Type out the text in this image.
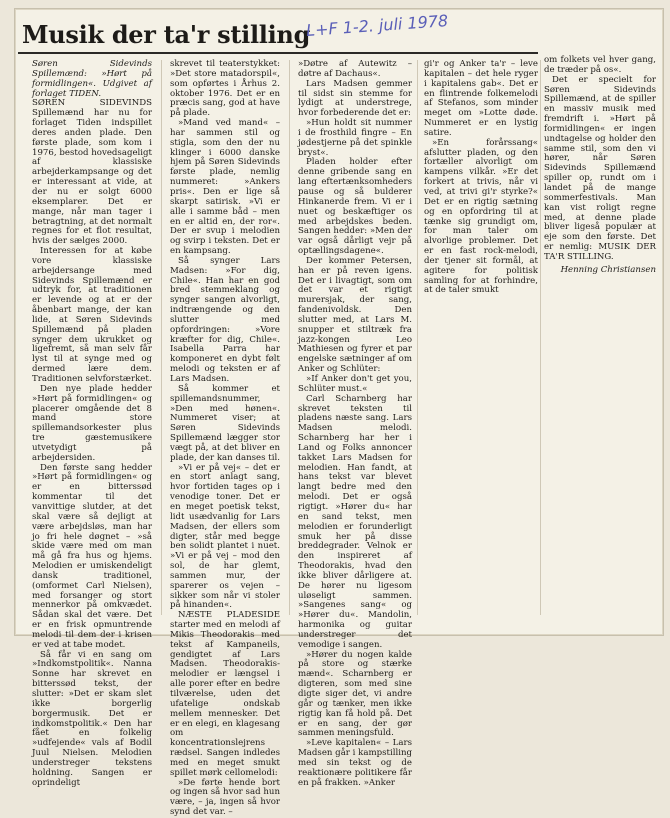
Musik der ta'r stilling
L+F 1-2. juli 1978

Søren Sidevinds Spillemænd: »Hørt på formidlingen«. Udgivet af forlaget TIDEN.

SØREN SIDEVINDS Spillemænd har nu for forlaget Tiden indspillet deres anden plade. Den første plade, som kom i 1976, bestod hovedsageligt af klassiske arbejderkampsange og det er interessant at vide, at der nu er solgt 6000 eksemplarer. Det er mange, når man tager i betragtning, at det normalt regnes for et flot resultat, hvis der sælges 2000.

Interessen for at købe vore klassiske arbejdersange med Sidevinds Spillemænd er udtryk for, at traditionen er levende og at er der åbenbart mange, der kan lide, at Søren Sidevinds Spillemænd på pladen synger dem ukrukket og ligefremt, så man selv får lyst til at synge med og dermed lære dem. Traditionen selvforstærket.

Den nye plade hedder »Hørt på formidlingen« og placerer omgående det 8 mand store spillemandsorkester plus tre gæstemusikere utvetydigt på arbejdersiden.

Den første sang hedder »Hørt på formidlingen« og er en bitterssød kommentar til det vanvittige slutder, at det skal være så dejligt at være arbejdsløs, man har jo fri hele døgnet – »så skide være med om man må gå fra hus og hjems. Melodien er umiskendeligt dansk traditionel, (omformet Carl Nielsen), med forsanger og stort mennerkor på omkvædet. Sådan skal det være. Det er en frisk opmuntrende melodi til dem der i krisen er ved at tabe modet.

Så får vi en sang om »Indkomstpolitik«. Nanna Sonne har skrevet en bitterssød tekst, der slutter: »Det er skam slet ikke borgerlig borgermusik. Det er indkomstpolitik.« Den har fået en folkelig »udfejende« vals af Bodil Juul Nielsen. Melodien understreger tekstens holdning. Sangen er oprindeligt

skrevet til teaterstykket: »Det store matadorspil«, som opførtes i Århus 2. oktober 1976. Det er en præcis sang, god at have på plade.

»Mand ved mand« – har sammen stil og stigla, som den der nu klinger i 6000 danske hjem på Søren Sidevinds første plade, nemlig nummeret: »Ankers pris«. Den er lige så skarpt satirisk. »Vi er alle i samme båd – men en er altid en, der ror«. Der er svup i melodien og svirp i teksten. Det er en kampsang.

Så synger Lars Madsen: »For dig, Chile«. Han har en god bred stemmeklang og synger sangen alvorligt, indtrængende og den slutter med opfordringen: »Vore kræfter for dig, Chile«. Isabella Parra har komponeret en dybt følt melodi og teksten er af Lars Madsen.

Så kommer et spillemandsnummer, »Den med hønen«. Nummeret viser; at Søren Sidevinds Spillemænd lægger stor vægt på, at det bliver en plade, der kan danses til.

»Vi er på vej« – det er en stort anlagt sang, hvor fortiden tages op i venodige toner. Det er en meget poetisk tekst, lidt usædvanlig for Lars Madsen, der ellers som digter, står med begge ben solidt plantet i nuet. »Vi er på vej – mod den sol, de har glemt, sammen mur, der sparerer os vejen – sikker som når vi stoler på hinanden«.

NÆSTE PLADESIDE starter med en melodi af Mikis Theodorakis med tekst af Kampaneils, gendigtet af Lars Madsen. Theodorakis-melodier er længsel i alle porer efter en bedre tilværelse, uden det ufatelige ondskab mellem mennesker. Det er en elegi, en klagesang om koncentrationslejrens rædsel. Sangen indledes med en meget smukt spillet mørk cellomelodi:

»De førte hende bort og ingen så hvor sad hun være, – ja, ingen så hvor synd det var. –

»Døtre af Autewitz – døtre af Dachaus«.

Lars Madsen gemmer til sidst sin stemme for lydigt at understrege, hvor forbederende det er:

»Hun holdt sit nummer i de frosthild fingre – En jødestjerne på det spinkle bryst«.

Pladen holder efter denne gribende sang en lang eftertænksomheders pause og så bulderer Hinkanerde frem. Vi er i nuet og beskæftiger os med arbejdskes beden. Sangen hedder: »Men der var også dårligt vejr på optællingsdagene«.

Der kommer Petersen, han er på reven igens. Det er i livagtigt, som om det var et rigtigt murersjak, der sang, fandenivoldsk. Den slutter med, at Lars M. snupper et stiltræk fra jazz-kongen Leo Mathiesen og fyrer et par engelske sætninger af om Anker og Schlüter:

»If Anker don't get you, Schlüter must.«

Carl Scharnberg har skrevet teksten til pladens næste sang. Lars Madsen melodi. Scharnberg har her i Land og Folks annoncer takket Lars Madsen for melodien. Han fandt, at hans tekst var blevet langt bedre med den melodi. Det er også rigtigt. »Hører du« har en sand tekst, men melodien er forunderligt smuk her på disse breddegrader. Velnok er den inspireret af Theodorakis, hvad den ikke bliver dårligere at. De hører nu ligesom uløseligt sammen. »Sangenes sang« og »Hører du«. Mandolin, harmonika og guitar understreger det vemodige i sangen.

»Hører du nogen kalde på store og stærke mænd«. Scharnberg er digteren, som med sine digte siger det, vi andre går og tænker, men ikke rigtig kan få hold på. Det er en sang, der gør sammen meningsfuld.

»Leve kapitalen« – Lars Madsen går i kampstilling med sin tekst og de reaktionære politikere får en på frakken. »Anker

gi'r og Anker ta'r – leve kapitalen – det hele ryger i kapitalens gab«. Det er en flintrende folkemelodi af Stefanos, som minder meget om »Lotte døde. Nummeret er en lystig satire.

»En forårssang« afslutter pladen, og den fortæller alvorligt om kampens vilkår. »Er det forkert at trivis, når vi ved, at trivi gi'r styrke?« Det er en rigtig sætning og en opfordring til at tænke sig grundigt om, for man taler om alvorlige problemer. Det er en fast rock-melodi, der tjener sit formål, at agitere for politisk samling for at forhindre, at de taler smukt

om folkets vel hver gang, de træder på os«.

Det er specielt for Søren Sidevinds Spillemænd, at de spiller en massiv musik med fremdrift i. »Hørt på formidlingen« er ingen undtagelse og holder den samme stil, som den vi hører, når Søren Sidevinds Spillemænd spiller op, rundt om i landet på de mange sommerfestivals. Man kan vist roligt regne med, at denne plade bliver ligeså populær at eje som den første. Det er nemlig: MUSIK DER TA'R STILLING.

Henning Christiansen
